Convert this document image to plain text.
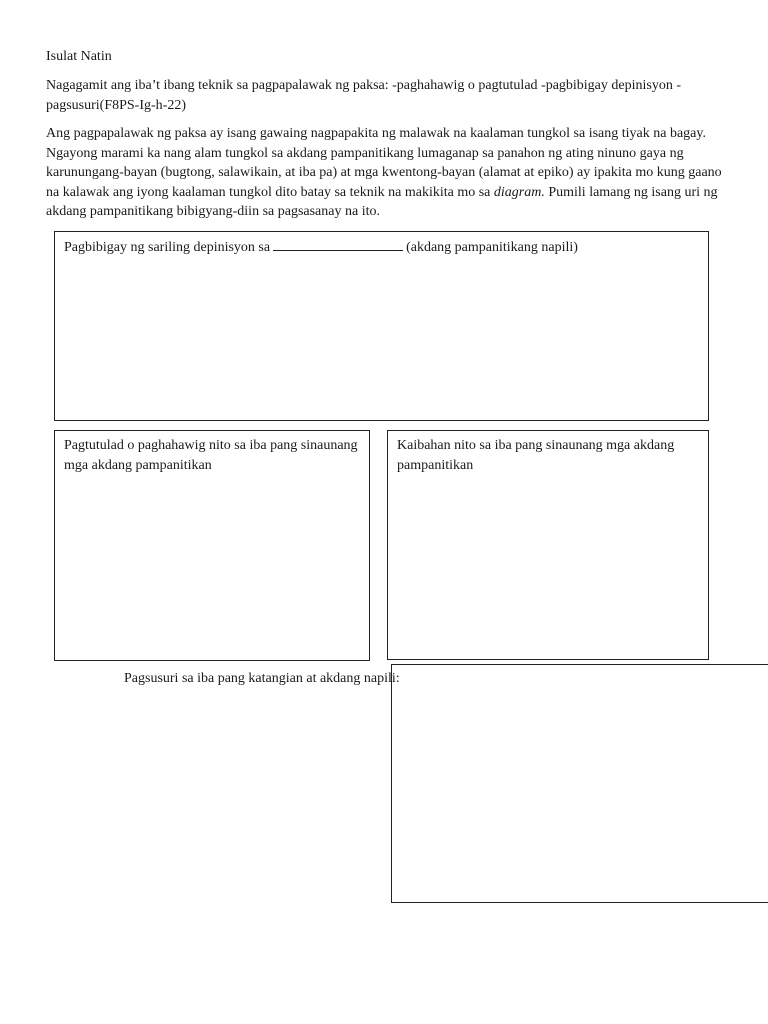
Isulat Natin

Nagagamit ang iba’t ibang teknik sa pagpapalawak ng paksa: -paghahawig o pagtutulad -pagbibigay depinisyon -pagsusuri(F8PS-Ig-h-22)

Ang pagpapalawak ng paksa ay isang gawaing nagpapakita ng malawak na kaalaman tungkol sa isang tiyak na bagay. Ngayong marami ka nang alam tungkol sa akdang pampanitikang lumaganap sa panahon ng ating ninuno gaya ng karunungang-bayan (bugtong, salawikain, at iba pa) at mga kwentong-bayan (alamat at epiko) ay ipakita mo kung gaano na kalawak ang iyong kaalaman tungkol dito batay sa teknik na makikita mo sa diagram. Pumili lamang ng isang uri ng akdang pampanitikang bibigyang-diin sa pagsasanay na ito.

Pagbibigay ng sariling depinisyon sa	(akdang pampanitikang napili)
Pagtutulad o paghahawig nito sa iba pang sinaunang mga akdang pampanitikan
Kaibahan nito sa iba pang sinaunang mga akdang pampanitikan

Pagsusuri sa iba pang katangian at akdang napili:
